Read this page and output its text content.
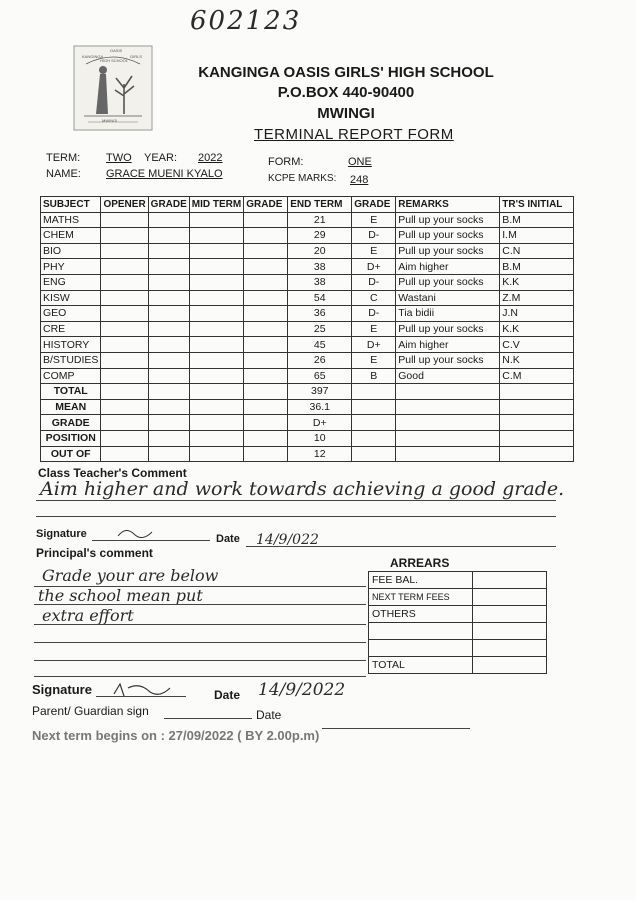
602123
KANGINGA
OASIS
GIRLS
HIGH SCHOOL
MWINGI
KANGINGA OASIS GIRLS' HIGH SCHOOL
P.O.BOX 440-90400
MWINGI
TERMINAL REPORT FORM
TERM: TWO YEAR: 2022	FORM:	ONE
NAME: GRACE MUENI KYALO	KCPE MARKS: 248
SUBJECT	OPENER	GRADE	MID TERM	GRADE	END TERM	GRADE	REMARKS	TR'S INITIAL
MATHS					21	E	Pull up your socks	B.M
CHEM					29	D-	Pull up your socks	I.M
BIO					20	E	Pull up your socks	C.N
PHY					38	D+	Aim higher	B.M
ENG					38	D-	Pull up your socks	K.K
KISW					54	C	Wastani	Z.M
GEO					36	D-	Tia bidii	J.N
CRE					25	E	Pull up your socks	K.K
HISTORY					45	D+	Aim higher	C.V
B/STUDIES					26	E	Pull up your socks	N.K
COMP					65	B	Good	C.M
TOTAL					397			
MEAN					36.1			
GRADE					D+			
POSITION					10			
OUT OF					12			
Class Teacher's Comment
Aim higher and work towards achieving a good grade.
Signature	Date 14/9/022
Principal's comment
Grade your are below
the school mean put
extra effort
ARREARS
FEE BAL.	
NEXT TERM FEES	
OTHERS	

TOTAL	
Signature	Date 14/9/2022
Parent/ Guardian sign	Date
Next term begins on : 27/09/2022 ( BY 2.00p.m)
